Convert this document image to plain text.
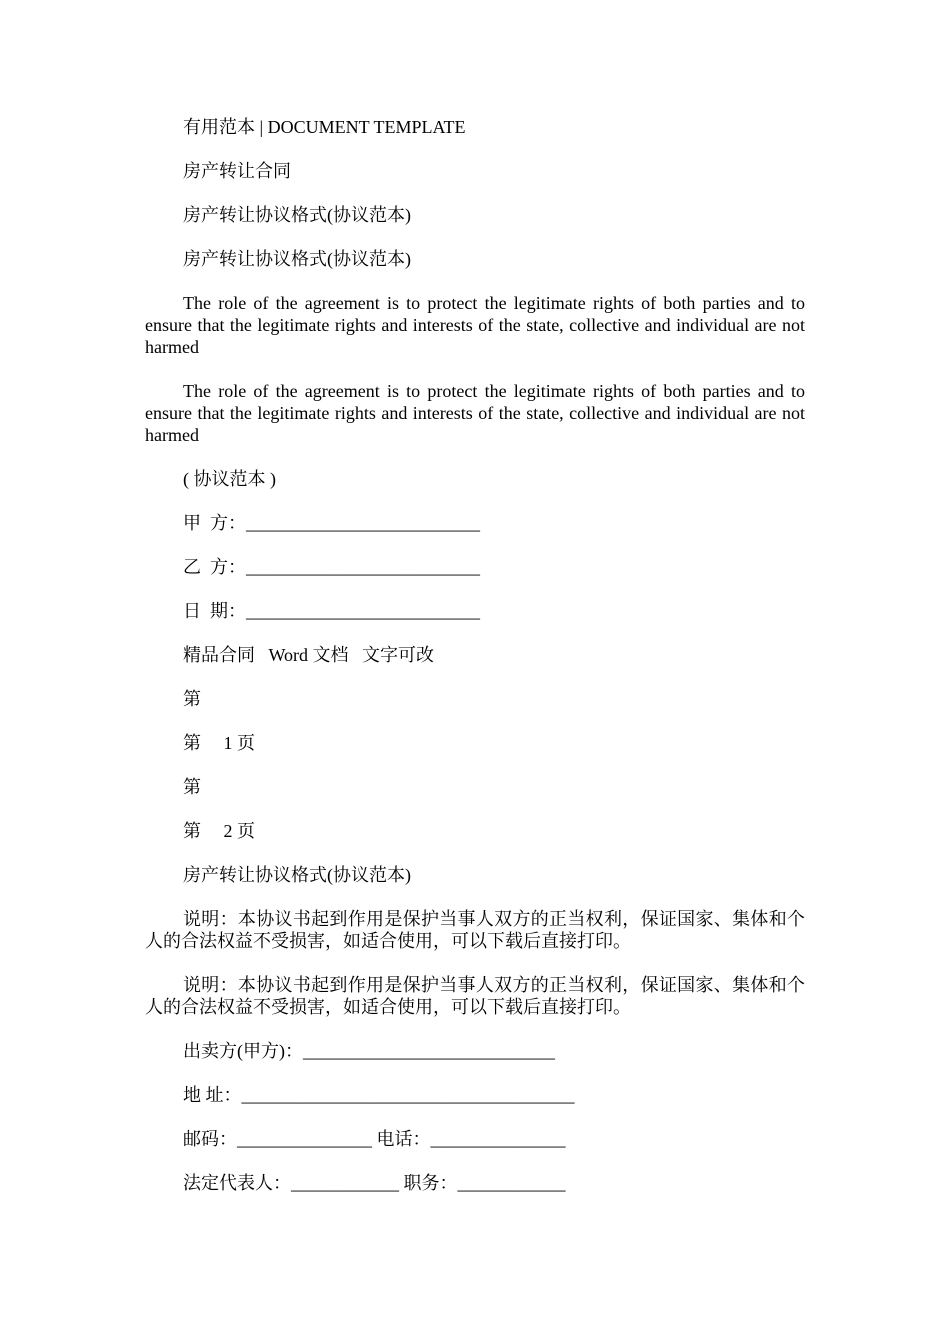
有用范本 | DOCUMENT TEMPLATE
房产转让合同
房产转让协议格式(协议范本)
房产转让协议格式(协议范本)
The role of the agreement is to protect the legitimate rights of both parties and to ensure that the legitimate rights and interests of the state, collective and individual are not harmed
The role of the agreement is to protect the legitimate rights of both parties and to ensure that the legitimate rights and interests of the state, collective and individual are not harmed
( 协议范本 )
甲  方：__________________________
乙  方：__________________________
日  期：__________________________
精品合同   Word 文档   文字可改
第
第     1 页
第
第     2 页
房产转让协议格式(协议范本)
说明：本协议书起到作用是保护当事人双方的正当权利，保证国家、集体和个人的合法权益不受损害，如适合使用，可以下载后直接打印。
说明：本协议书起到作用是保护当事人双方的正当权利，保证国家、集体和个人的合法权益不受损害，如适合使用，可以下载后直接打印。
出卖方(甲方)：____________________________
地 址：_____________________________________
邮码：_______________ 电话：_______________
法定代表人：____________ 职务：____________
